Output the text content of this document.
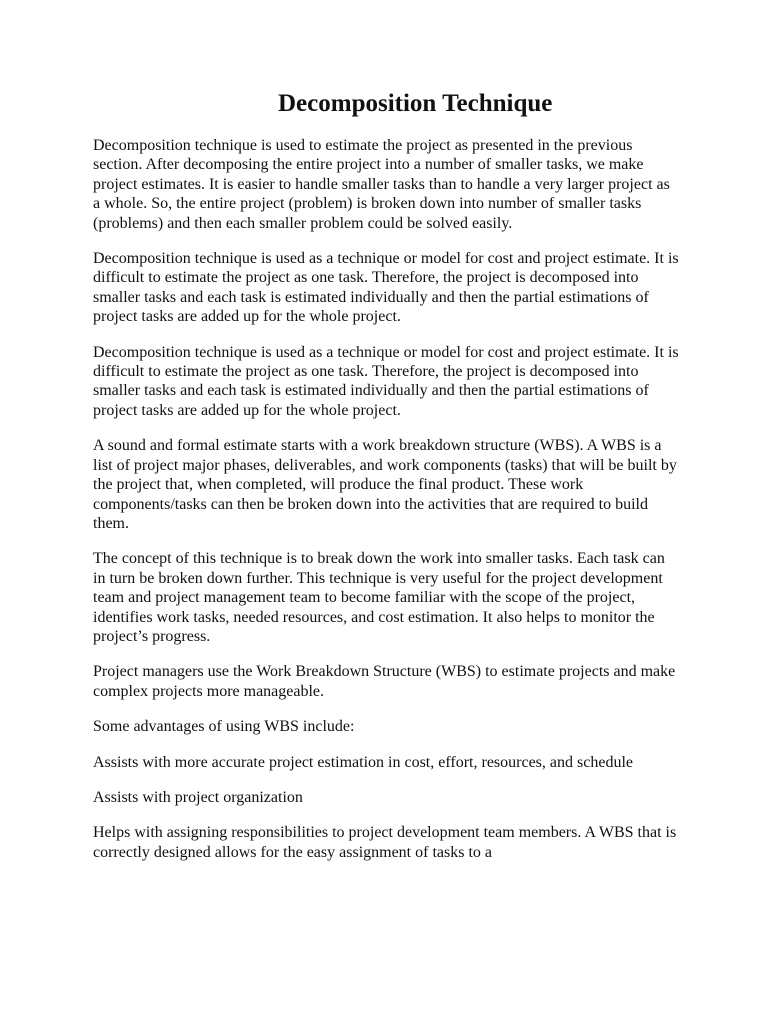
Decomposition Technique

Decomposition technique is used to estimate the project as presented in the previous section. After decomposing the entire project into a number of smaller tasks, we make project estimates. It is easier to handle smaller tasks than to handle a very larger project as a whole. So, the entire project (problem) is broken down into number of smaller tasks (problems) and then each smaller problem could be solved easily.

Decomposition technique is used as a technique or model for cost and project estimate. It is difficult to estimate the project as one task. Therefore, the project is decomposed into smaller tasks and each task is estimated individually and then the partial estimations of project tasks are added up for the whole project.

Decomposition technique is used as a technique or model for cost and project estimate. It is difficult to estimate the project as one task. Therefore, the project is decomposed into smaller tasks and each task is estimated individually and then the partial estimations of project tasks are added up for the whole project.

A sound and formal estimate starts with a work breakdown structure (WBS). A WBS is a list of project major phases, deliverables, and work components (tasks) that will be built by the project that, when completed, will produce the final product. These work components/tasks can then be broken down into the activities that are required to build them.

The concept of this technique is to break down the work into smaller tasks. Each task can in turn be broken down further. This technique is very useful for the project development team and project management team to become familiar with the scope of the project, identifies work tasks, needed resources, and cost estimation. It also helps to monitor the project’s progress.

Project managers use the Work Breakdown Structure (WBS) to estimate projects and make complex projects more manageable.

Some advantages of using WBS include:

Assists with more accurate project estimation in cost, effort, resources, and schedule

Assists with project organization

Helps with assigning responsibilities to project development team members. A WBS that is correctly designed allows for the easy assignment of tasks to a
